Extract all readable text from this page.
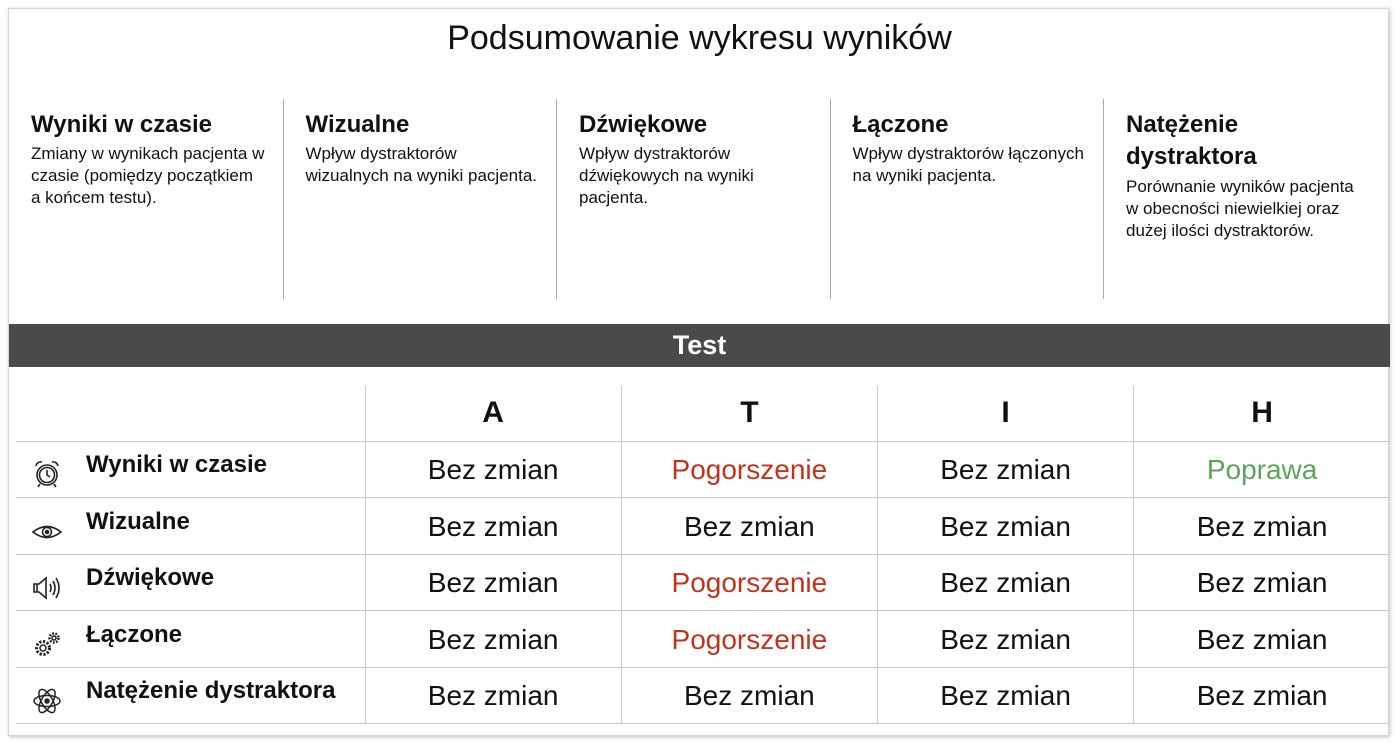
Podsumowanie wykresu wyników
Wyniki w czasie

Zmiany w wynikach pacjenta w czasie (pomiędzy początkiem a końcem testu).

Wizualne

Wpływ dystraktorów wizualnych na wyniki pacjenta.

Dźwiękowe

Wpływ dystraktorów dźwiękowych na wyniki pacjenta.

Łączone

Wpływ dystraktorów łączonych na wyniki pacjenta.

Natężenie dystraktora

Porównanie wyników pacjenta w obecności niewielkiej oraz dużej ilości dystraktorów.

Test
	A	T	I	H

Wyniki w czasie	Bez zmian	Pogorszenie	Bez zmian	Poprawa

Wizualne	Bez zmian	Bez zmian	Bez zmian	Bez zmian

Dźwiękowe	Bez zmian	Pogorszenie	Bez zmian	Bez zmian

Łączone	Bez zmian	Pogorszenie	Bez zmian	Bez zmian

Natężenie dystraktora	Bez zmian	Bez zmian	Bez zmian	Bez zmian
